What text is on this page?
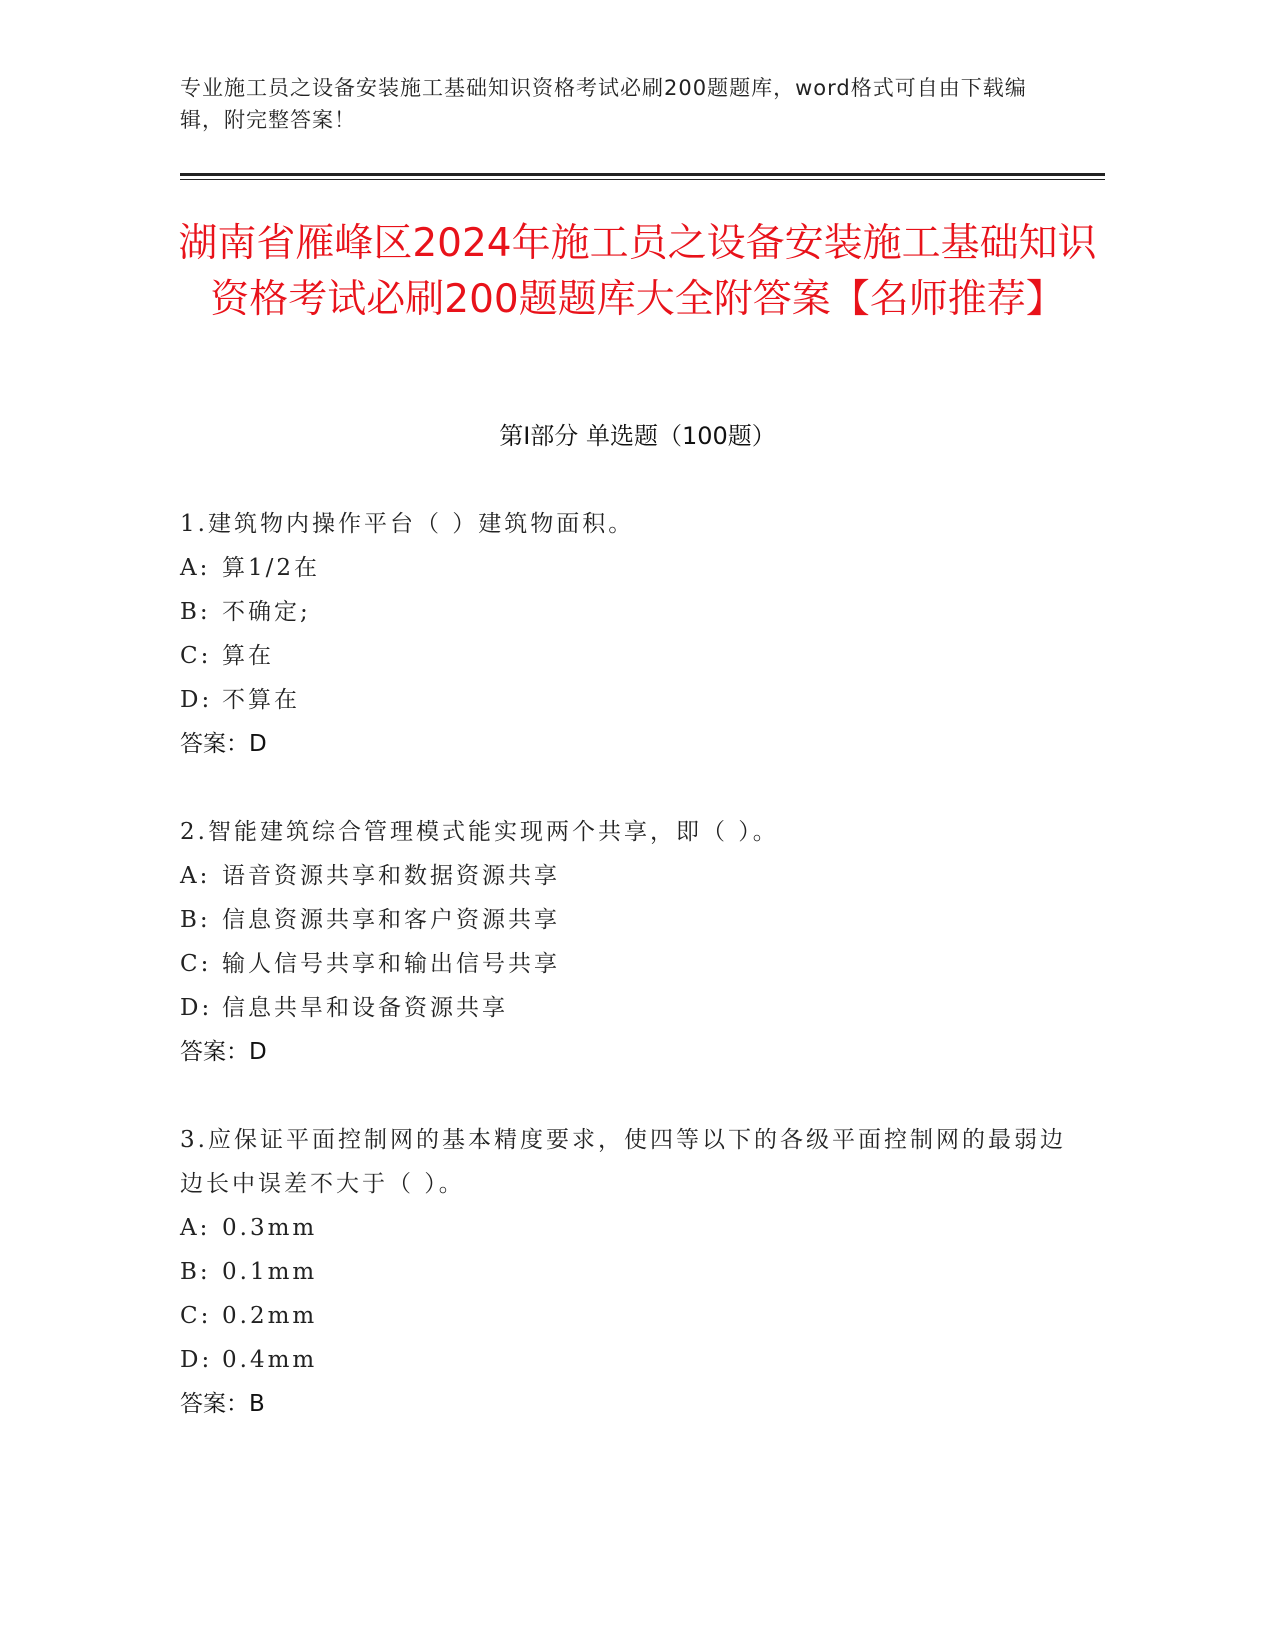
专业施工员之设备安装施工基础知识资格考试必刷200题题库，word格式可自由下载编辑，附完整答案！
湖南省雁峰区2024年施工员之设备安装施工基础知识资格考试必刷200题题库大全附答案【名师推荐】
第Ⅰ部分 单选题（100题）

1.建筑物内操作平台（ ）建筑物面积。

A: 算1/2在

B: 不确定;

C: 算在

D: 不算在

答案：D

2.智能建筑综合管理模式能实现两个共享，即（ ）。

A: 语音资源共享和数据资源共享

B: 信息资源共享和客户资源共享

C: 输人信号共享和输出信号共享

D: 信息共旱和设备资源共享

答案：D

3.应保证平面控制网的基本精度要求，使四等以下的各级平面控制网的最弱边边长中误差不大于（ ）。

A: 0.3mm

B: 0.1mm

C: 0.2mm

D: 0.4mm

答案：B
